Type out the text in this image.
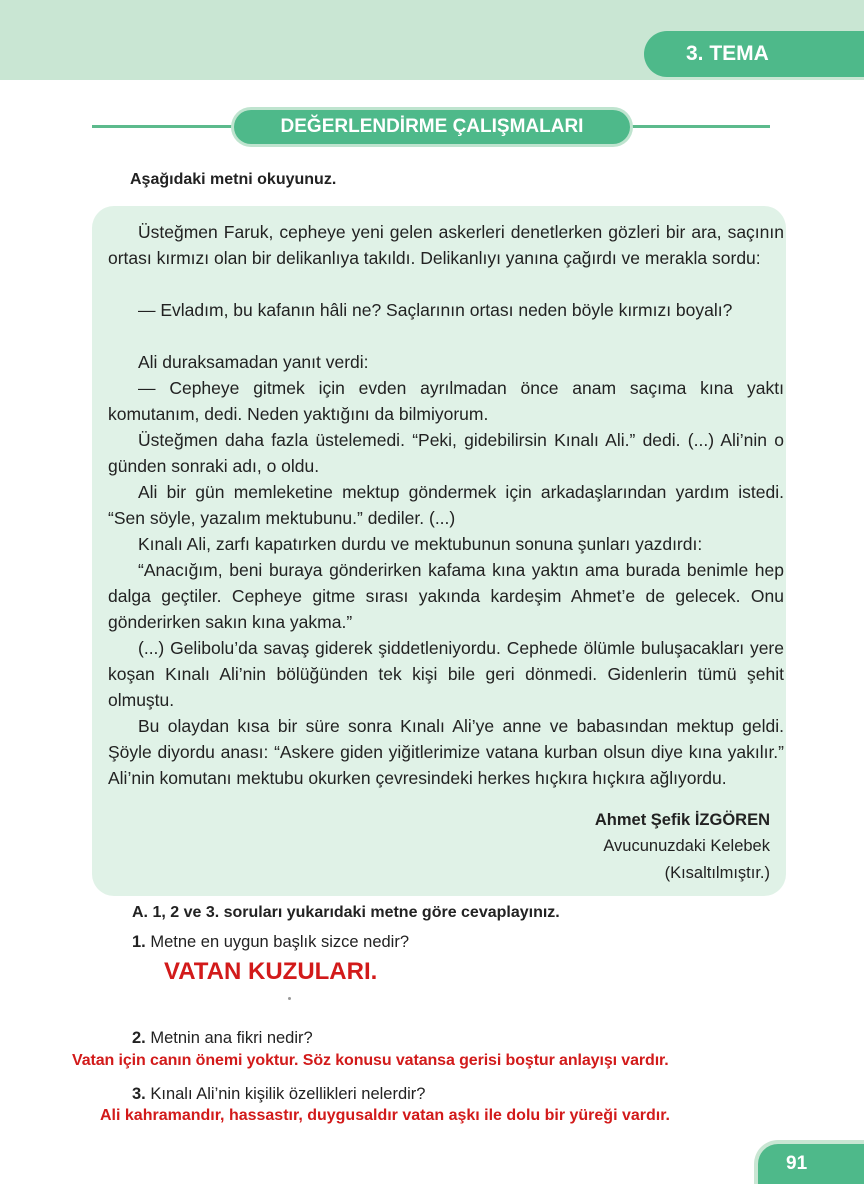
3. TEMA
DEĞERLENDİRME ÇALIŞMALARI
Aşağıdaki metni okuyunuz.

Üsteğmen Faruk, cepheye yeni gelen askerleri denetlerken gözleri bir ara, saçının ortası kırmızı olan bir delikanlıya takıldı. Delikanlıyı yanına çağırdı ve merakla sordu:

— Evladım, bu kafanın hâli ne? Saçlarının ortası neden böyle kırmızı boyalı?

Ali duraksamadan yanıt verdi:

— Cepheye gitmek için evden ayrılmadan önce anam saçıma kına yaktı komutanım, dedi. Neden yaktığını da bilmiyorum.

Üsteğmen daha fazla üstelemedi. “Peki, gidebilirsin Kınalı Ali.” dedi. (...) Ali’nin o günden sonraki adı, o oldu.

Ali bir gün memleketine mektup göndermek için arkadaşlarından yardım istedi. “Sen söyle, yazalım mektubunu.” dediler. (...)

Kınalı Ali, zarfı kapatırken durdu ve mektubunun sonuna şunları yazdırdı:

“Anacığım, beni buraya gönderirken kafama kına yaktın ama burada benimle hep dalga geçtiler. Cepheye gitme sırası yakında kardeşim Ahmet’e de gelecek. Onu gönderirken sakın kına yakma.”

(...) Gelibolu’da savaş giderek şiddetleniyordu. Cephede ölümle buluşacakları yere koşan Kınalı Ali’nin bölüğünden tek kişi bile geri dönmedi. Gidenlerin tümü şehit olmuştu.

Bu olaydan kısa bir süre sonra Kınalı Ali’ye anne ve babasından mektup geldi. Şöyle diyordu anası: “Askere giden yiğitlerimize vatana kurban olsun diye kına yakılır.” Ali’nin komutanı mektubu okurken çevresindeki herkes hıçkıra hıçkıra ağlıyordu.

Ahmet Şefik İZGÖREN
Avucunuzdaki Kelebek
(Kısaltılmıştır.)
A. 1, 2 ve 3. soruları yukarıdaki metne göre cevaplayınız.
1. Metne en uygun başlık sizce nedir?
VATAN KUZULARI.
2. Metnin ana fikri nedir?
Vatan için canın önemi yoktur. Söz konusu vatansa gerisi boştur anlayışı vardır.
3. Kınalı Ali’nin kişilik özellikleri nelerdir?
Ali kahramandır, hassastır, duygusaldır vatan aşkı ile dolu bir yüreği vardır.
91
